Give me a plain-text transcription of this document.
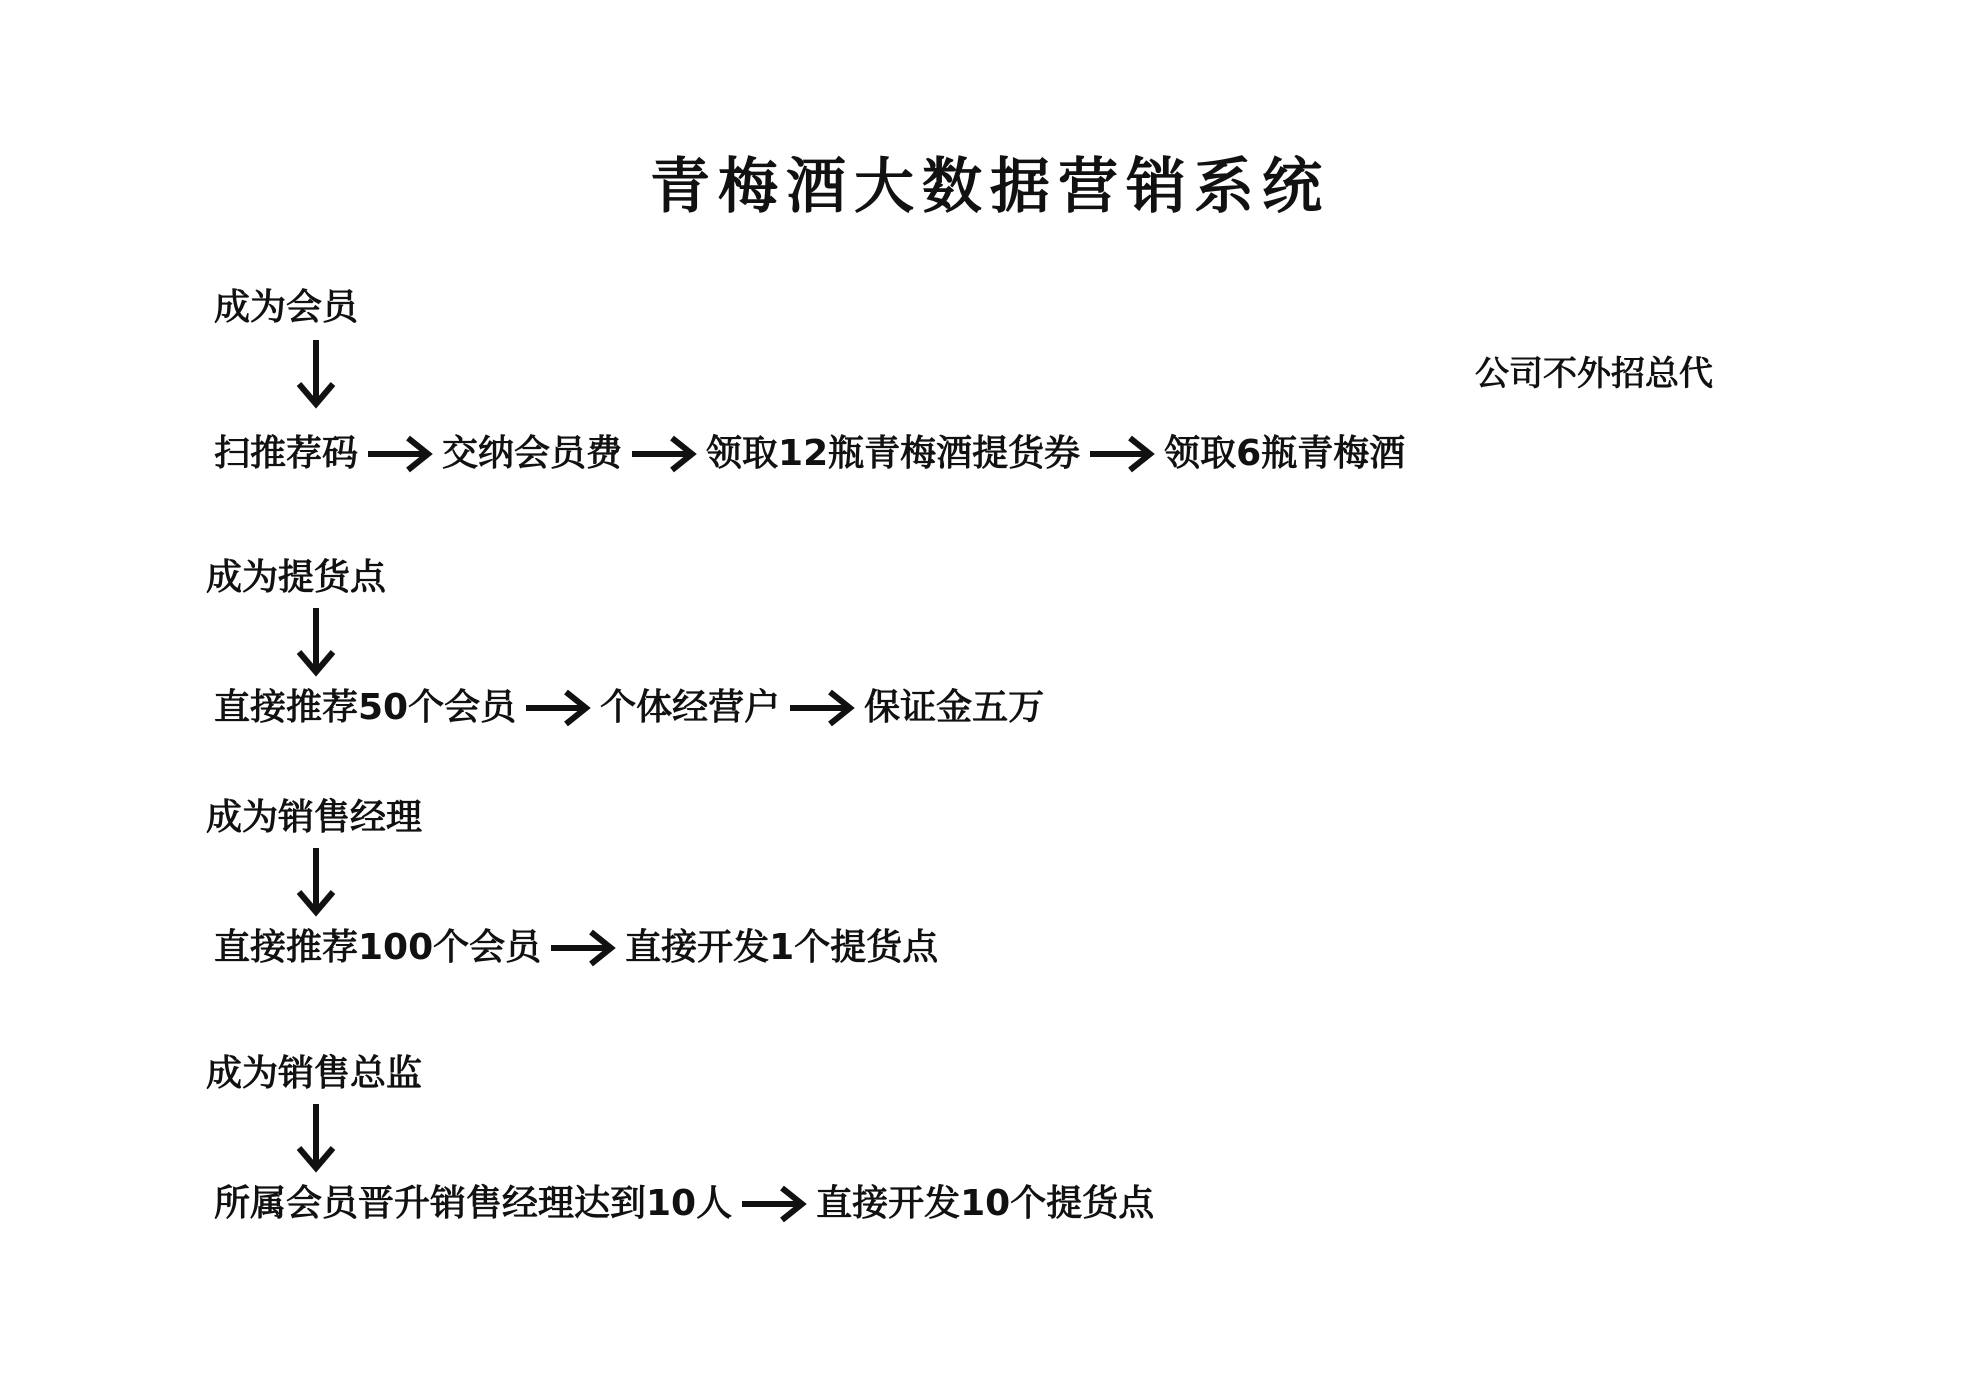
青梅酒大数据营销系统
公司不外招总代
成为会员
扫推荐码 交纳会员费 领取12瓶青梅酒提货券 领取6瓶青梅酒
成为提货点
直接推荐50个会员 个体经营户 保证金五万
成为销售经理
直接推荐100个会员 直接开发1个提货点
成为销售总监
所属会员晋升销售经理达到10人 直接开发10个提货点
